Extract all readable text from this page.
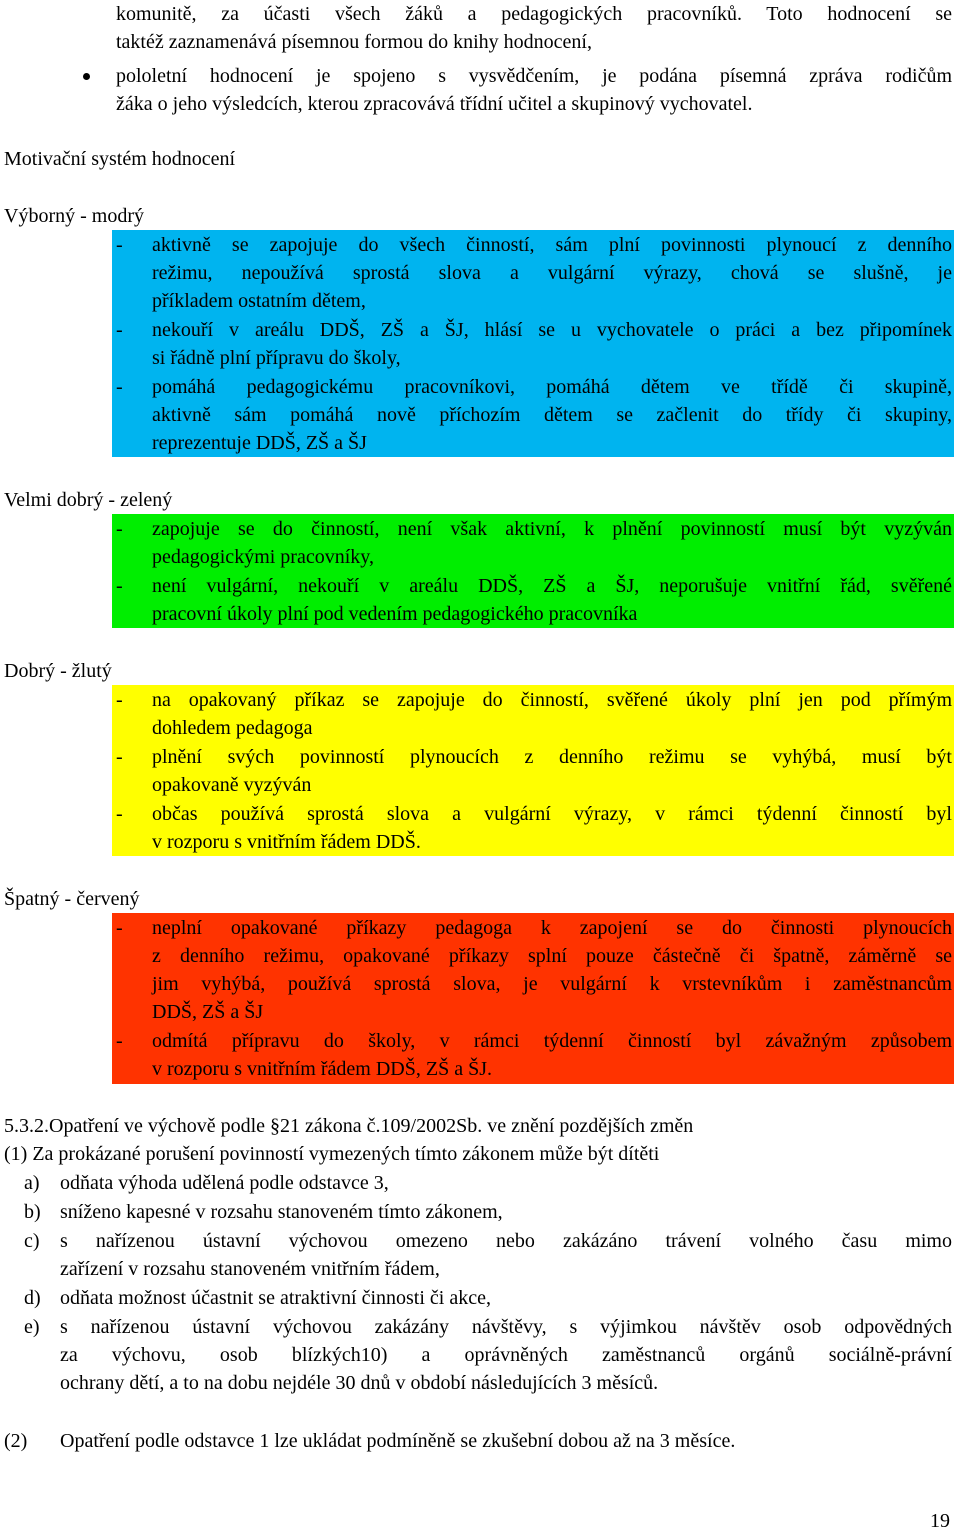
komunitě, za účasti všech žáků a pedagogických pracovníků. Toto hodnocení se
taktéž zaznamenává písemnou formou do knihy hodnocení,
pololetní hodnocení je spojeno s vysvědčením, je podána písemná zpráva rodičům
žáka o jeho výsledcích, kterou zpracovává třídní učitel a skupinový vychovatel.
Motivační systém hodnocení
Výborný - modrý
- aktivně se zapojuje do všech činností, sám plní povinnosti plynoucí z denního
režimu, nepoužívá sprostá slova a vulgární výrazy, chová se slušně, je
příkladem ostatním dětem,
- nekouří v areálu DDŠ, ZŠ a ŠJ, hlásí se u vychovatele o práci a bez připomínek
si řádně plní přípravu do školy,
- pomáhá pedagogickému pracovníkovi, pomáhá dětem ve třídě či skupině,
aktivně sám pomáhá nově příchozím dětem se začlenit do třídy či skupiny,
reprezentuje DDŠ, ZŠ a ŠJ
Velmi dobrý - zelený
- zapojuje se do činností, není však aktivní, k plnění povinností musí být vyzýván
pedagogickými pracovníky,
- není vulgární, nekouří v areálu DDŠ, ZŠ a ŠJ, neporušuje vnitřní řád, svěřené
pracovní úkoly plní pod vedením pedagogického pracovníka
Dobrý - žlutý
- na opakovaný příkaz se zapojuje do činností, svěřené úkoly plní jen pod přímým
dohledem pedagoga
- plnění svých povinností plynoucích z denního režimu se vyhýbá, musí být
opakovaně vyzýván
- občas používá sprostá slova a vulgární výrazy, v rámci týdenní činností byl
v rozporu s vnitřním řádem DDŠ.
Špatný - červený
- neplní opakované příkazy pedagoga k zapojení se do činnosti plynoucích
z denního režimu, opakované příkazy splní pouze částečně či špatně, záměrně se
jim vyhýbá, používá sprostá slova, je vulgární k vrstevníkům i zaměstnancům
DDŠ, ZŠ a ŠJ
- odmítá přípravu do školy, v rámci týdenní činností byl závažným způsobem
v rozporu s vnitřním řádem DDŠ, ZŠ a ŠJ.
5.3.2.Opatření ve výchově podle §21 zákona č.109/2002Sb. ve znění pozdějších změn
(1) Za prokázané porušení povinností vymezených tímto zákonem může být dítěti
a) odňata výhoda udělená podle odstavce 3,
b) sníženo kapesné v rozsahu stanoveném tímto zákonem,
c) s nařízenou ústavní výchovou omezeno nebo zakázáno trávení volného času mimo
zařízení v rozsahu stanoveném vnitřním řádem,
d) odňata možnost účastnit se atraktivní činnosti či akce,
e) s nařízenou ústavní výchovou zakázány návštěvy, s výjimkou návštěv osob odpovědných
za výchovu, osob blízkých10) a oprávněných zaměstnanců orgánů sociálně-právní
ochrany dětí, a to na dobu nejdéle 30 dnů v období následujících 3 měsíců.
(2) Opatření podle odstavce 1 lze ukládat podmíněně se zkušební dobou až na 3 měsíce.
19
